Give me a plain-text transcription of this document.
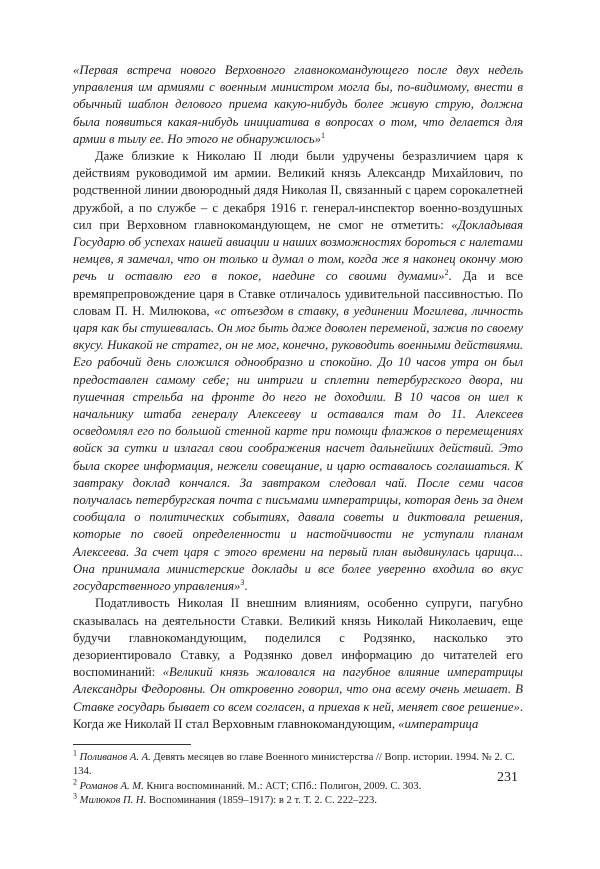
«Первая встреча нового Верховного главнокомандующего после двух недель управления им армиями с военным министром могла бы, по-видимому, внести в обычный шаблон делового приема какую-нибудь более живую струю, должна была появиться какая-нибудь инициатива в вопросах о том, что делается для армии в тылу ее. Но этого не обнаружилось»$^1$

Даже близкие к Николаю II люди были удручены безразличием царя к действиям руководимой им армии. Великий князь Александр Михайлович, по родственной линии двоюродный дядя Николая II, связанный с царем сорокалетней дружбой, а по службе – с декабря 1916 г. генерал-инспектор военно-воздушных сил при Верховном главнокомандующем, не смог не отметить: «Докладывая Государю об успехах нашей авиации и наших возможностях бороться с налетами немцев, я замечал, что он только и думал о том, когда же я наконец окончу мою речь и оставлю его в покое, наедине со своими думами»$^2$. Да и все времяпрепровождение царя в Ставке отличалось удивительной пассивностью. По словам П. Н. Милюкова, «с отъездом в ставку, в уединении Могилева, личность царя как бы стушевалась. Он мог быть даже доволен переменой, зажив по своему вкусу. Никакой не стратег, он не мог, конечно, руководить военными действиями. Его рабочий день сложился однообразно и спокойно. До 10 часов утра он был предоставлен самому себе; ни интриги и сплетни петербургского двора, ни пушечная стрельба на фронте до него не доходили. В 10 часов он шел к начальнику штаба генералу Алексееву и оставался там до 11. Алексеев осведомлял его по большой стенной карте при помощи флажков о перемещениях войск за сутки и излагал свои соображения насчет дальнейших действий. Это была скорее информация, нежели совещание, и царю оставалось соглашаться. К завтраку доклад кончался. За завтраком следовал чай. После семи часов получалась петербургская почта с письмами императрицы, которая день за днем сообщала о политических событиях, давала советы и диктовала решения, которые по своей определенности и настойчивости не уступали планам Алексеева. За счет царя с этого времени на первый план выдвинулась царица... Она принимала министерские доклады и все более уверенно входила во вкус государственного управления»$^3$.

Податливость Николая II внешним влияниям, особенно супруги, пагубно сказывалась на деятельности Ставки. Великий князь Николай Николаевич, еще будучи главнокомандующим, поделился с Родзянко, насколько это дезориентировало Ставку, а Родзянко довел информацию до читателей его воспоминаний: «Великий князь жаловался на пагубное влияние императрицы Александры Федоровны. Он откровенно говорил, что она всему очень мешает. В Ставке государь бывает со всем согласен, а приехав к ней, меняет свое решение». Когда же Николай II стал Верховным главнокомандующим, «императрица

$^1$ Поливанов А. А. Девять месяцев во главе Военного министерства // Вопр. истории. 1994. № 2. С. 134.

$^2$ Романов А. М. Книга воспоминаний. М.: АСТ; СПб.: Полигон, 2009. С. 303.

$^3$ Милюков П. Н. Воспоминания (1859–1917): в 2 т. Т. 2. С. 222–223.

231
